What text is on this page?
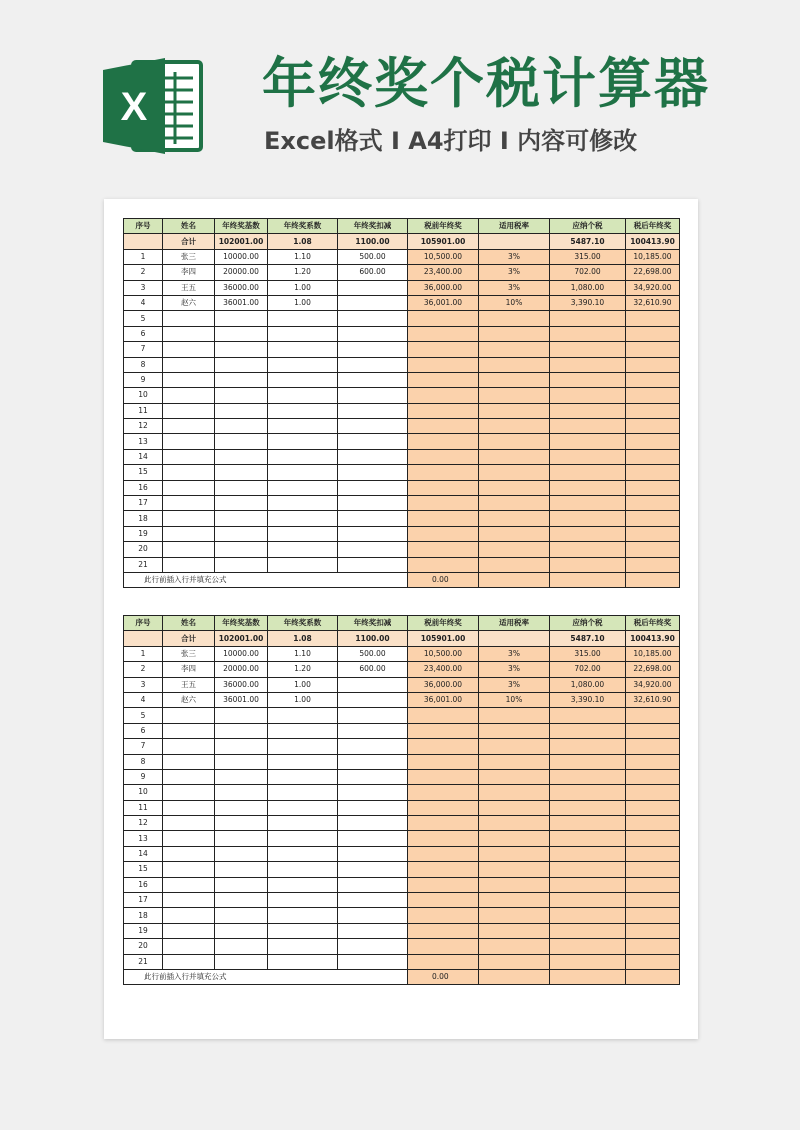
X 年终奖个税计算器
Excel格式 I A4打印 I 内容可修改
序号	姓名	年终奖基数	年终奖系数	年终奖扣减	税前年终奖	适用税率	应纳个税	税后年终奖
	合计	102001.00	1.08	1100.00	105901.00		5487.10	100413.90
1	张三	10000.00	1.10	500.00	10,500.00	3%	315.00	10,185.00
2	李四	20000.00	1.20	600.00	23,400.00	3%	702.00	22,698.00
3	王五	36000.00	1.00		36,000.00	3%	1,080.00	34,920.00
4	赵六	36001.00	1.00		36,001.00	10%	3,390.10	32,610.90
5								
6								
7								
8								
9								
10								
11								
12								
13								
14								
15								
16								
17								
18								
19								
20								
21								
此行前插入行并填充公式					0.00			
序号	姓名	年终奖基数	年终奖系数	年终奖扣减	税前年终奖	适用税率	应纳个税	税后年终奖
	合计	102001.00	1.08	1100.00	105901.00		5487.10	100413.90
1	张三	10000.00	1.10	500.00	10,500.00	3%	315.00	10,185.00
2	李四	20000.00	1.20	600.00	23,400.00	3%	702.00	22,698.00
3	王五	36000.00	1.00		36,000.00	3%	1,080.00	34,920.00
4	赵六	36001.00	1.00		36,001.00	10%	3,390.10	32,610.90
5								
6								
7								
8								
9								
10								
11								
12								
13								
14								
15								
16								
17								
18								
19								
20								
21								
此行前插入行并填充公式					0.00			
